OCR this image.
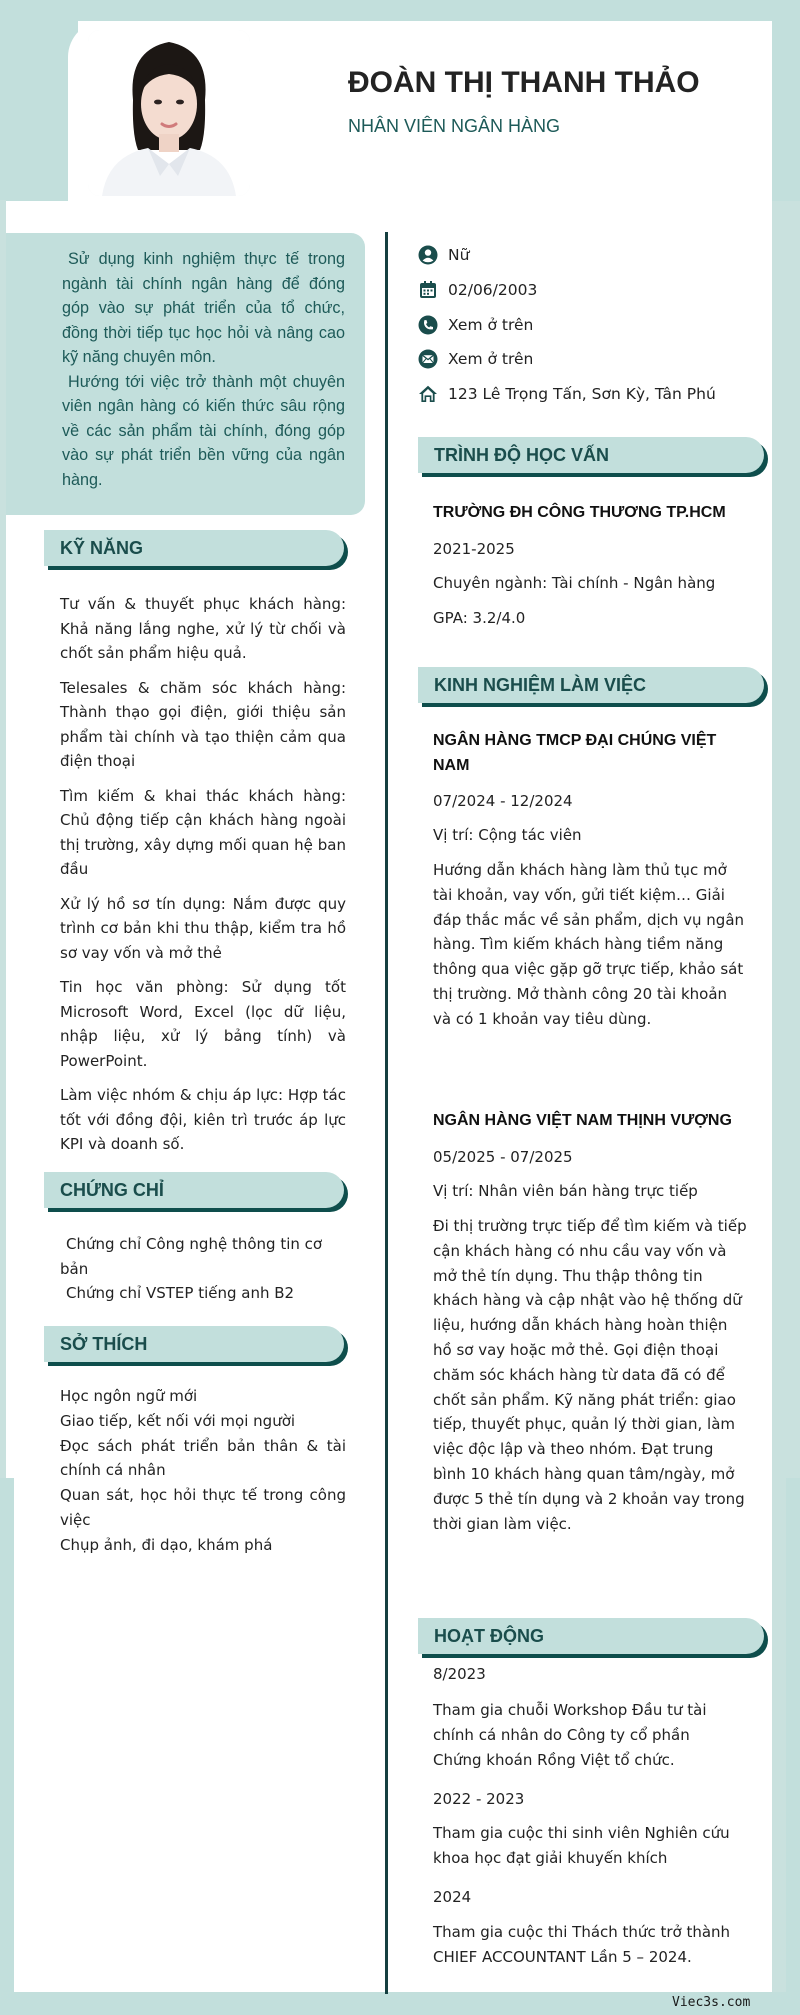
ĐOÀN THỊ THANH THẢO
NHÂN VIÊN NGÂN HÀNG

Sử dụng kinh nghiệm thực tế trong ngành tài chính ngân hàng để đóng góp vào sự phát triển của tổ chức, đồng thời tiếp tục học hỏi và nâng cao kỹ năng chuyên môn.

Hướng tới việc trở thành một chuyên viên ngân hàng có kiến thức sâu rộng về các sản phẩm tài chính, đóng góp vào sự phát triển bền vững của ngân hàng.

KỸ NĂNG

Tư vấn & thuyết phục khách hàng: Khả năng lắng nghe, xử lý từ chối và chốt sản phẩm hiệu quả.

Telesales & chăm sóc khách hàng: Thành thạo gọi điện, giới thiệu sản phẩm tài chính và tạo thiện cảm qua điện thoại

Tìm kiếm & khai thác khách hàng: Chủ động tiếp cận khách hàng ngoài thị trường, xây dựng mối quan hệ ban đầu

Xử lý hồ sơ tín dụng: Nắm được quy trình cơ bản khi thu thập, kiểm tra hồ sơ vay vốn và mở thẻ

Tin học văn phòng: Sử dụng tốt Microsoft Word, Excel (lọc dữ liệu, nhập liệu, xử lý bảng tính) và PowerPoint.

Làm việc nhóm & chịu áp lực: Hợp tác tốt với đồng đội, kiên trì trước áp lực KPI và doanh số.

CHỨNG CHỈ

Chứng chỉ Công nghệ thông tin cơ bản

Chứng chỉ VSTEP tiếng anh B2

SỞ THÍCH

Học ngôn ngữ mới

Giao tiếp, kết nối với mọi người

Đọc sách phát triển bản thân & tài chính cá nhân

Quan sát, học hỏi thực tế trong công việc

Chụp ảnh, đi dạo, khám phá

Nữ
02/06/2003
Xem ở trên
Xem ở trên
123 Lê Trọng Tấn, Sơn Kỳ, Tân Phú
TRÌNH ĐỘ HỌC VẤN
TRƯỜNG ĐH CÔNG THƯƠNG TP.HCM
2021-2025
Chuyên ngành: Tài chính - Ngân hàng
GPA: 3.2/4.0
KINH NGHIỆM LÀM VIỆC
NGÂN HÀNG TMCP ĐẠI CHÚNG VIỆT NAM
07/2024 - 12/2024
Vị trí: Cộng tác viên
Hướng dẫn khách hàng làm thủ tục mở tài khoản, vay vốn, gửi tiết kiệm… Giải đáp thắc mắc về sản phẩm, dịch vụ ngân hàng. Tìm kiếm khách hàng tiềm năng thông qua việc gặp gỡ trực tiếp, khảo sát thị trường. Mở thành công 20 tài khoản và có 1 khoản vay tiêu dùng.
NGÂN HÀNG VIỆT NAM THỊNH VƯỢNG
05/2025 - 07/2025
Vị trí: Nhân viên bán hàng trực tiếp
Đi thị trường trực tiếp để tìm kiếm và tiếp cận khách hàng có nhu cầu vay vốn và mở thẻ tín dụng. Thu thập thông tin khách hàng và cập nhật vào hệ thống dữ liệu, hướng dẫn khách hàng hoàn thiện hồ sơ vay hoặc mở thẻ. Gọi điện thoại chăm sóc khách hàng từ data đã có để chốt sản phẩm. Kỹ năng phát triển: giao tiếp, thuyết phục, quản lý thời gian, làm việc độc lập và theo nhóm. Đạt trung bình 10 khách hàng quan tâm/ngày, mở được 5 thẻ tín dụng và 2 khoản vay trong thời gian làm việc.
HOẠT ĐỘNG
8/2023
Tham gia chuỗi Workshop Đầu tư tài chính cá nhân do Công ty cổ phần Chứng khoán Rồng Việt tổ chức.
2022 - 2023
Tham gia cuộc thi sinh viên Nghiên cứu khoa học đạt giải khuyến khích
2024
Tham gia cuộc thi Thách thức trở thành CHIEF ACCOUNTANT Lần 5 – 2024.
Viec3s.com
